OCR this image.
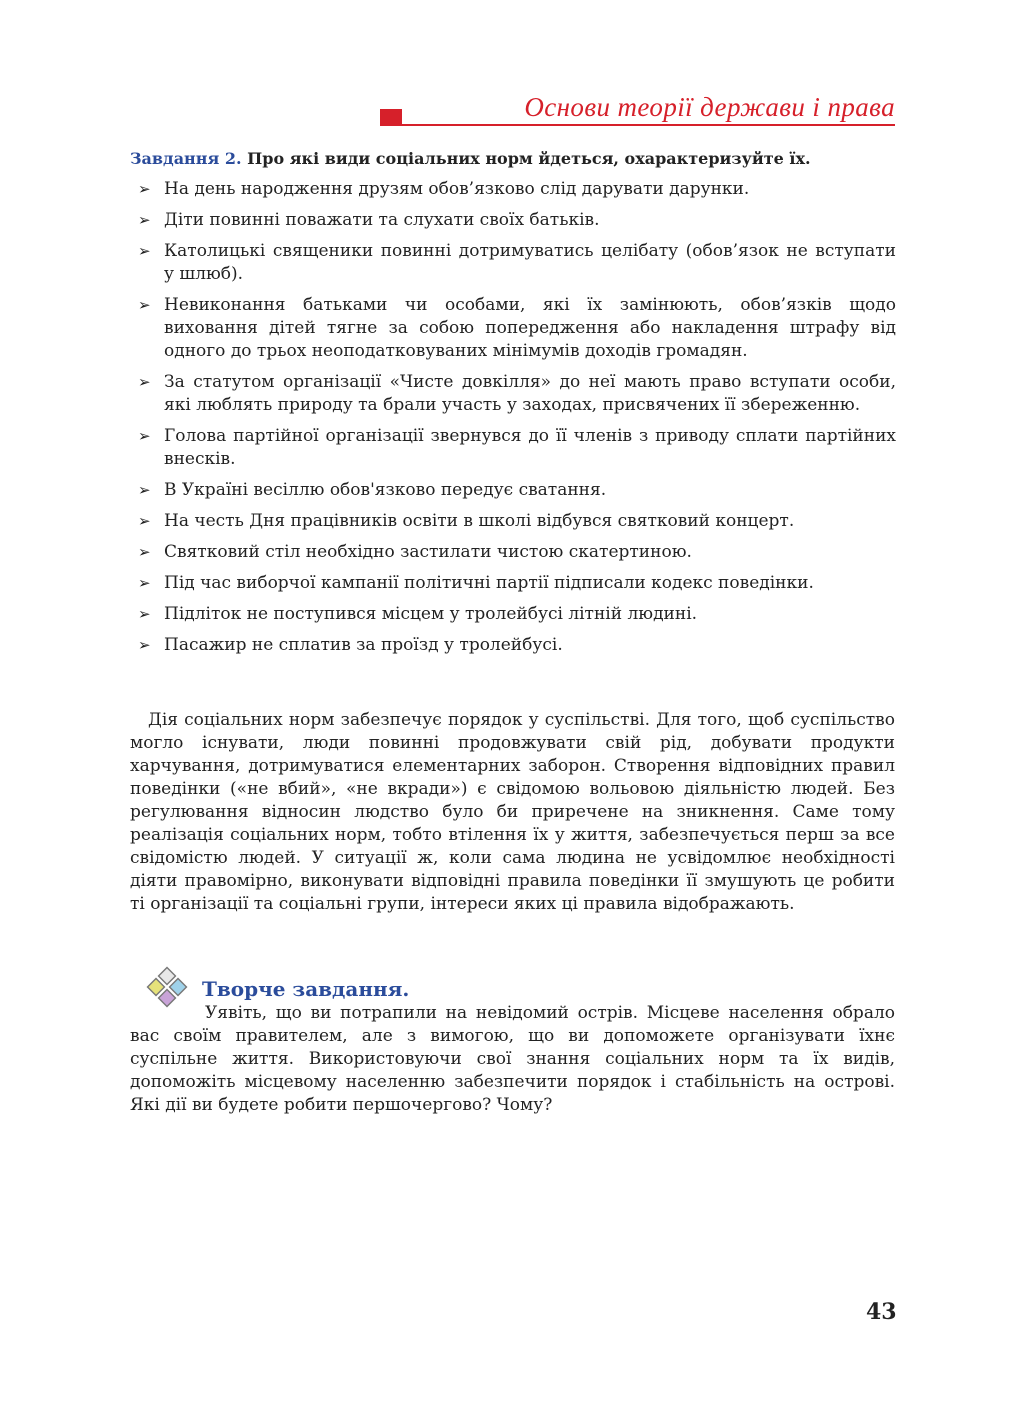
Основи теорії держави і права
Завдання 2. Про які види соціальних норм йдеться, охарактеризуйте їх.
➢ На день народження друзям обов’язково слід дарувати дарунки.
➢ Діти повинні поважати та слухати своїх батьків.
➢ Католицькі священики повинні дотримуватись целібату (обов’язок не вступати у шлюб).
➢ Невиконання батьками чи особами, які їх замінюють, обов’язків щодо виховання дітей тягне за собою попередження або накладення штрафу від одного до трьох неоподатковуваних мінімумів доходів громадян.
➢ За статутом організації «Чисте довкілля» до неї мають право вступати особи, які люблять природу та брали участь у заходах, присвячених її збереженню.
➢ Голова партійної організації звернувся до її членів з приводу сплати партійних внесків.
➢ В Україні весіллю обов'язково передує сватання.
➢ На честь Дня працівників освіти в школі відбувся святковий концерт.
➢ Святковий стіл необхідно застилати чистою скатертиною.
➢ Під час виборчої кампанії політичні партії підписали кодекс поведінки.
➢ Підліток не поступився місцем у тролейбусі літній людині.
➢ Пасажир не сплатив за проїзд у тролейбусі.

Дія соціальних норм забезпечує порядок у суспільстві. Для того, щоб суспільство могло існувати, люди повинні продовжувати свій рід, добувати продукти харчування, дотримуватися елементарних заборон. Створення відповідних правил поведінки («не вбий», «не вкради») є свідомою вольовою діяльністю людей. Без регулювання відносин людство було би приречене на зникнення. Саме тому реалізація соціальних норм, тобто втілення їх у життя, забезпечується перш за все свідомістю людей. У ситуації ж, коли сама людина не усвідомлює необхідності діяти правомірно, виконувати відповідні правила поведінки її змушують це робити ті організації та соціальні групи, інтереси яких ці правила відображають.

Творче завдання.

Уявіть, що ви потрапили на невідомий острів. Місцеве населення обрало вас своїм правителем, але з вимогою, що ви допоможете організувати їхнє суспільне життя. Використовуючи свої знання соціальних норм та їх видів, допоможіть місцевому населенню забезпечити порядок і стабільність на острові. Які дії ви будете робити першочергово? Чому?

43
